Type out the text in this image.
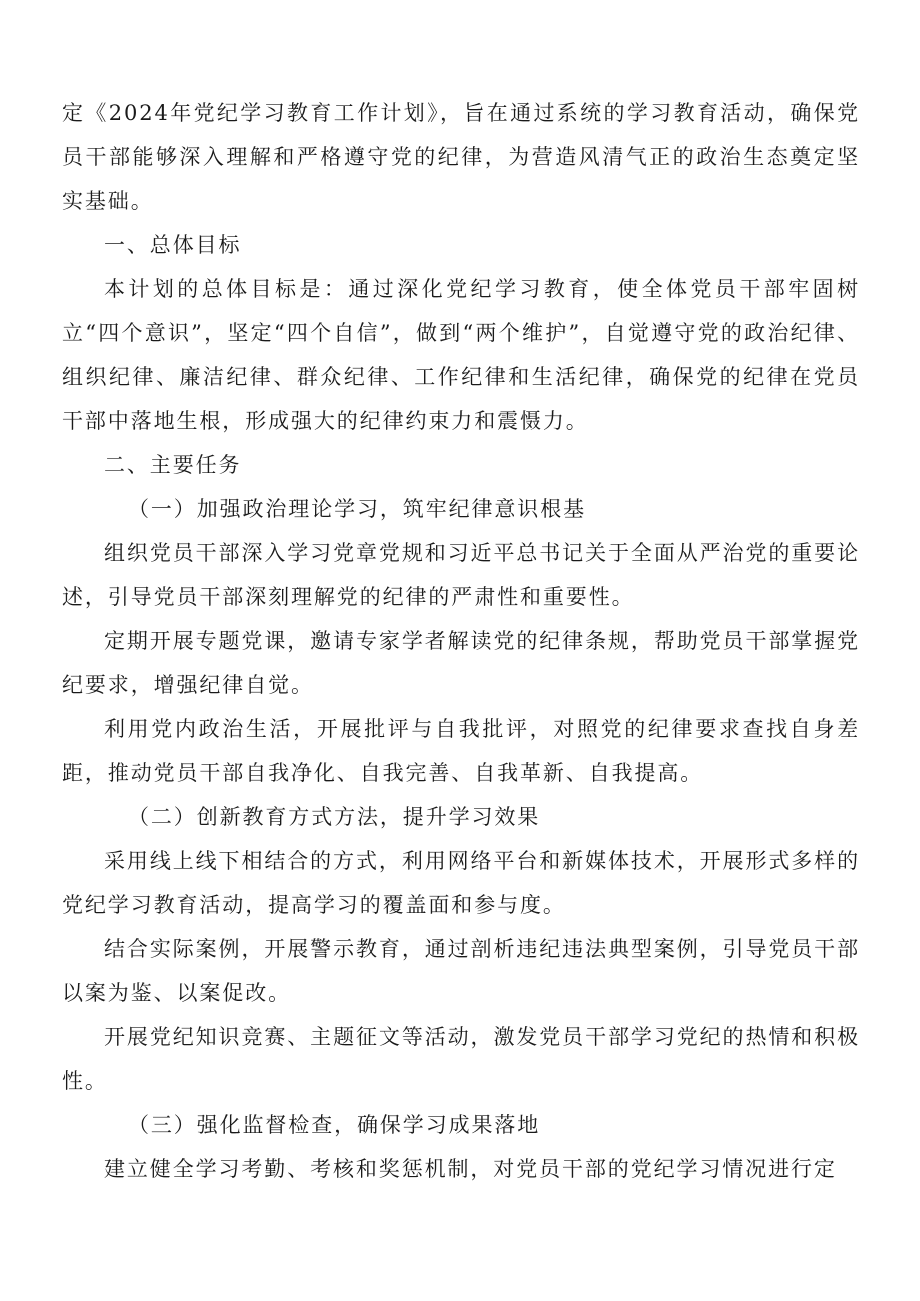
定《2024年党纪学习教育工作计划》，旨在通过系统的学习教育活动，确保党员干部能够深入理解和严格遵守党的纪律，为营造风清气正的政治生态奠定坚实基础。

一、总体目标

本计划的总体目标是：通过深化党纪学习教育，使全体党员干部牢固树立“四个意识”，坚定“四个自信”，做到“两个维护”，自觉遵守党的政治纪律、组织纪律、廉洁纪律、群众纪律、工作纪律和生活纪律，确保党的纪律在党员干部中落地生根，形成强大的纪律约束力和震慑力。

二、主要任务

（一）加强政治理论学习，筑牢纪律意识根基

组织党员干部深入学习党章党规和习近平总书记关于全面从严治党的重要论述，引导党员干部深刻理解党的纪律的严肃性和重要性。

定期开展专题党课，邀请专家学者解读党的纪律条规，帮助党员干部掌握党纪要求，增强纪律自觉。

利用党内政治生活，开展批评与自我批评，对照党的纪律要求查找自身差距，推动党员干部自我净化、自我完善、自我革新、自我提高。

（二）创新教育方式方法，提升学习效果

采用线上线下相结合的方式，利用网络平台和新媒体技术，开展形式多样的党纪学习教育活动，提高学习的覆盖面和参与度。

结合实际案例，开展警示教育，通过剖析违纪违法典型案例，引导党员干部以案为鉴、以案促改。

开展党纪知识竞赛、主题征文等活动，激发党员干部学习党纪的热情和积极性。

（三）强化监督检查，确保学习成果落地

建立健全学习考勤、考核和奖惩机制，对党员干部的党纪学习情况进行定
